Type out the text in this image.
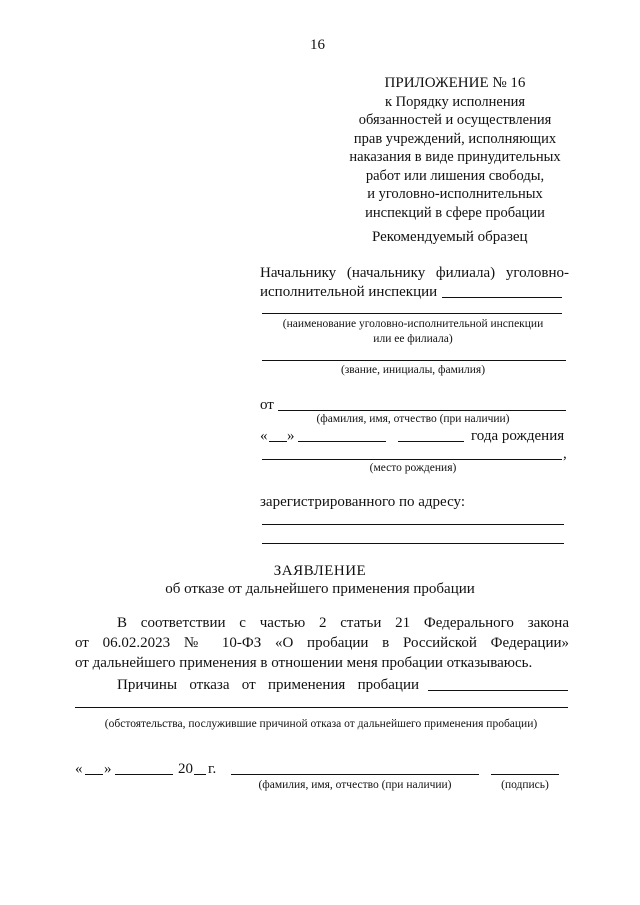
16
ПРИЛОЖЕНИЕ № 16
к Порядку исполнения
обязанностей и осуществления
прав учреждений, исполняющих
наказания в виде принудительных
работ или лишения свободы,
и уголовно-исполнительных
инспекций в сфере пробации
Рекомендуемый образец
Начальнику (начальнику филиала) уголовно-
исполнительной инспекции
(наименование уголовно-исполнительной инспекции
или ее филиала)
(звание, инициалы, фамилия)
от
(фамилия, имя, отчество (при наличии)
« »	года рождения
,
(место рождения)
зарегистрированного по адресу:
ЗАЯВЛЕНИЕ
об отказе от дальнейшего применения пробации
В соответствии с частью 2 статьи 21 Федерального закона
от 06.02.2023 № 10-ФЗ «О пробации в Российской Федерации»
от дальнейшего применения в отношении меня пробации отказываюсь.
Причины отказа от применения пробации
(обстоятельства, послужившие причиной отказа от дальнейшего применения пробации)
« »	20 г.
(фамилия, имя, отчество (при наличии)	(подпись)
